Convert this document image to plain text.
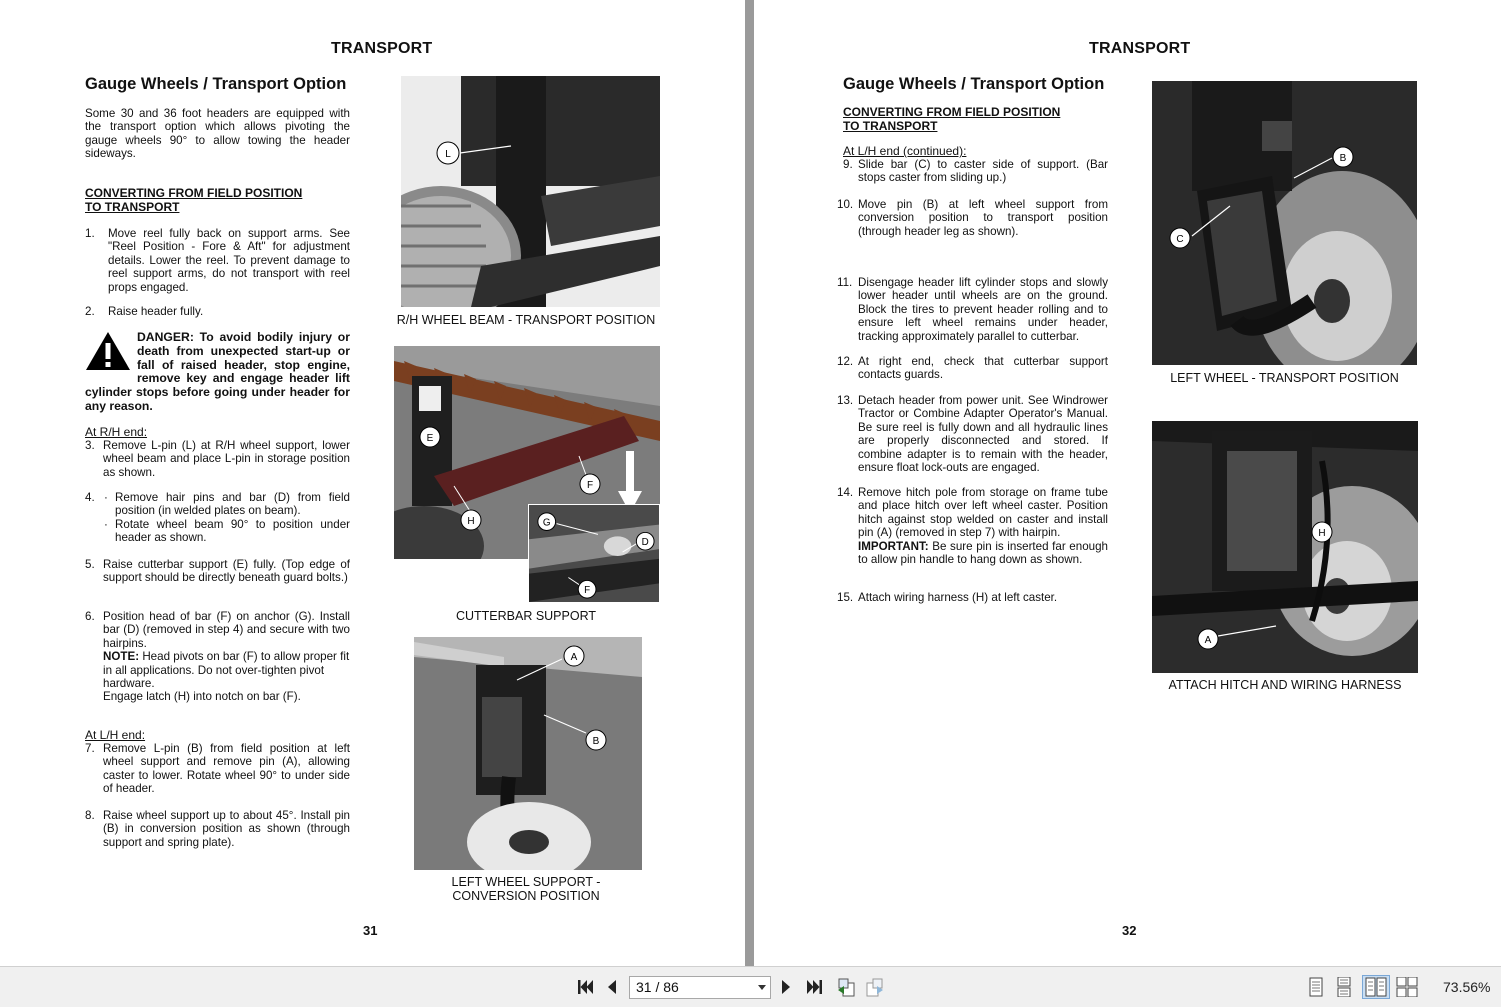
TRANSPORT
Gauge Wheels / Transport Option
Some 30 and 36 foot headers are equipped with the transport option which allows pivoting the gauge wheels 90° to allow towing the header sideways.
CONVERTING FROM FIELD POSITION
TO TRANSPORT
1. Move reel fully back on support arms. See "Reel Position - Fore & Aft" for adjustment details. Lower the reel. To prevent damage to reel support arms, do not transport with reel props engaged.
2. Raise header fully.
DANGER: To avoid bodily injury or death from unexpected start-up or fall of raised header, stop engine, remove key and engage header lift cylinder stops before going under header for any reason.
At R/H end:
3. Remove L-pin (L) at R/H wheel support, lower wheel beam and place L-pin in storage position as shown.
4. · Remove hair pins and bar (D) from field position (in welded plates on beam).
· Rotate wheel beam 90° to position under header as shown.
5. Raise cutterbar support (E) fully. (Top edge of support should be directly beneath guard bolts.)
6. Position head of bar (F) on anchor (G). Install bar (D) (removed in step 4) and secure with two hairpins.
NOTE: Head pivots on bar (F) to allow proper fit in all applications. Do not over-tighten pivot hardware.
Engage latch (H) into notch on bar (F).
At L/H end:
7. Remove L-pin (B) from field position at left wheel support and remove pin (A), allowing caster to lower. Rotate wheel 90° to under side of header.
8. Raise wheel support up to about 45°. Install pin (B) in conversion position as shown (through support and spring plate).
L
R/H WHEEL BEAM - TRANSPORT POSITION
E
F
H	G
D
F
CUTTERBAR SUPPORT
A
B
LEFT WHEEL SUPPORT -
CONVERSION POSITION
31
TRANSPORT
Gauge Wheels / Transport Option
CONVERTING FROM FIELD POSITION
TO TRANSPORT
At L/H end (continued):
9. Slide bar (C) to caster side of support. (Bar stops caster from sliding up.)
10. Move pin (B) at left wheel support from conversion position to transport position (through header leg as shown).
11. Disengage header lift cylinder stops and slowly lower header until wheels are on the ground. Block the tires to prevent header rolling and to ensure left wheel remains under header, tracking approximately parallel to cutterbar.
12. At right end, check that cutterbar support contacts guards.
13. Detach header from power unit. See Windrower Tractor or Combine Adapter Operator's Manual. Be sure reel is fully down and all hydraulic lines are properly disconnected and stored. If combine adapter is to remain with the header, ensure float lock-outs are engaged.
14. Remove hitch pole from storage on frame tube and place hitch over left wheel caster. Position hitch against stop welded on caster and install pin (A) (removed in step 7) with hairpin.
IMPORTANT: Be sure pin is inserted far enough to allow pin handle to hang down as shown.
15. Attach wiring harness (H) at left caster.
B
C
LEFT WHEEL - TRANSPORT POSITION
H
A
ATTACH HITCH AND WIRING HARNESS
32
31 / 86	73.56%
